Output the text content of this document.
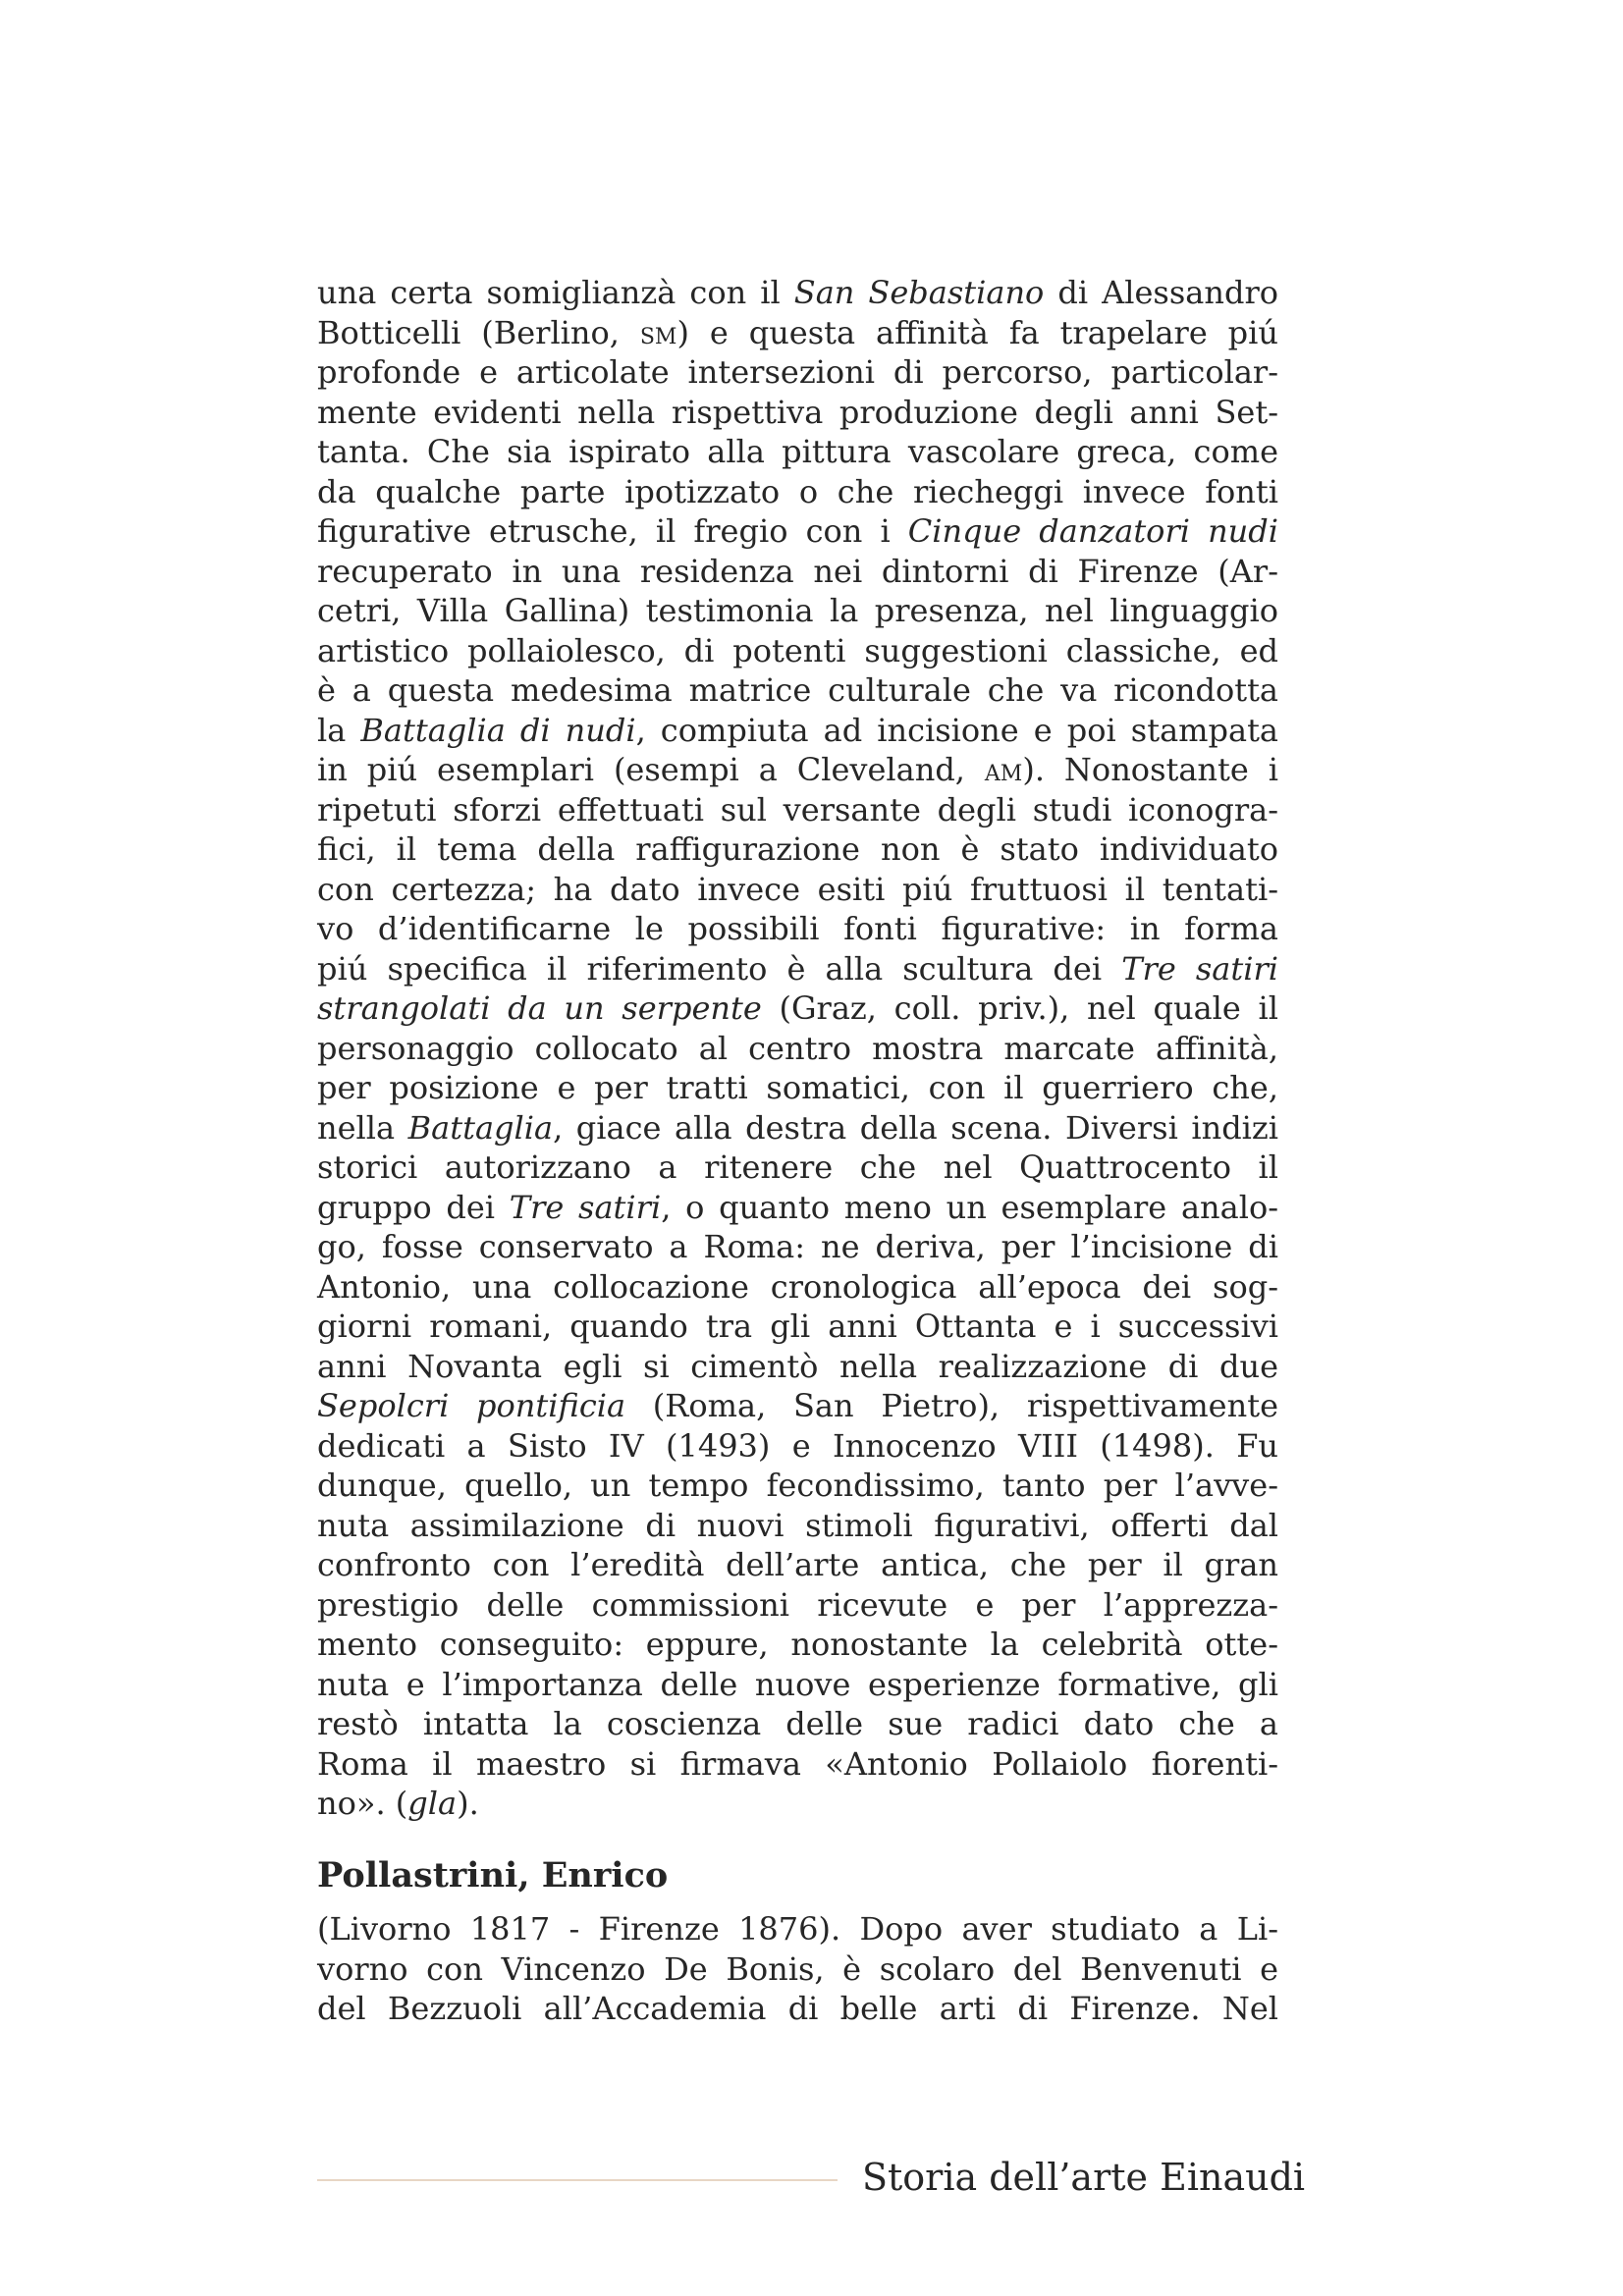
una certa somiglianzà con il San Sebastiano di Alessandro
Botticelli (Berlino, sm) e questa affinità fa trapelare piú
profonde e articolate intersezioni di percorso, particolar-
mente evidenti nella rispettiva produzione degli anni Set-
tanta. Che sia ispirato alla pittura vascolare greca, come
da qualche parte ipotizzato o che riecheggi invece fonti
figurative etrusche, il fregio con i Cinque danzatori nudi
recuperato in una residenza nei dintorni di Firenze (Ar-
cetri, Villa Gallina) testimonia la presenza, nel linguaggio
artistico pollaiolesco, di potenti suggestioni classiche, ed
è a questa medesima matrice culturale che va ricondotta
la Battaglia di nudi, compiuta ad incisione e poi stampata
in piú esemplari (esempi a Cleveland, am). Nonostante i
ripetuti sforzi effettuati sul versante degli studi iconogra-
fici, il tema della raffigurazione non è stato individuato
con certezza; ha dato invece esiti piú fruttuosi il tentati-
vo d’identificarne le possibili fonti figurative: in forma
piú specifica il riferimento è alla scultura dei Tre satiri
strangolati da un serpente (Graz, coll. priv.), nel quale il
personaggio collocato al centro mostra marcate affinità,
per posizione e per tratti somatici, con il guerriero che,
nella Battaglia, giace alla destra della scena. Diversi indizi
storici autorizzano a ritenere che nel Quattrocento il
gruppo dei Tre satiri, o quanto meno un esemplare analo-
go, fosse conservato a Roma: ne deriva, per l’incisione di
Antonio, una collocazione cronologica all’epoca dei sog-
giorni romani, quando tra gli anni Ottanta e i successivi
anni Novanta egli si cimentò nella realizzazione di due
Sepolcri pontificia (Roma, San Pietro), rispettivamente
dedicati a Sisto IV (1493) e Innocenzo VIII (1498). Fu
dunque, quello, un tempo fecondissimo, tanto per l’avve-
nuta assimilazione di nuovi stimoli figurativi, offerti dal
confronto con l’eredità dell’arte antica, che per il gran
prestigio delle commissioni ricevute e per l’apprezza-
mento conseguito: eppure, nonostante la celebrità otte-
nuta e l’importanza delle nuove esperienze formative, gli
restò intatta la coscienza delle sue radici dato che a
Roma il maestro si firmava «Antonio Pollaiolo fiorenti-
no». (gla).
Pollastrini, Enrico
(Livorno 1817 - Firenze 1876). Dopo aver studiato a Li-
vorno con Vincenzo De Bonis, è scolaro del Benvenuti e
del Bezzuoli all’Accademia di belle arti di Firenze. Nel
Storia dell’arte Einaudi
